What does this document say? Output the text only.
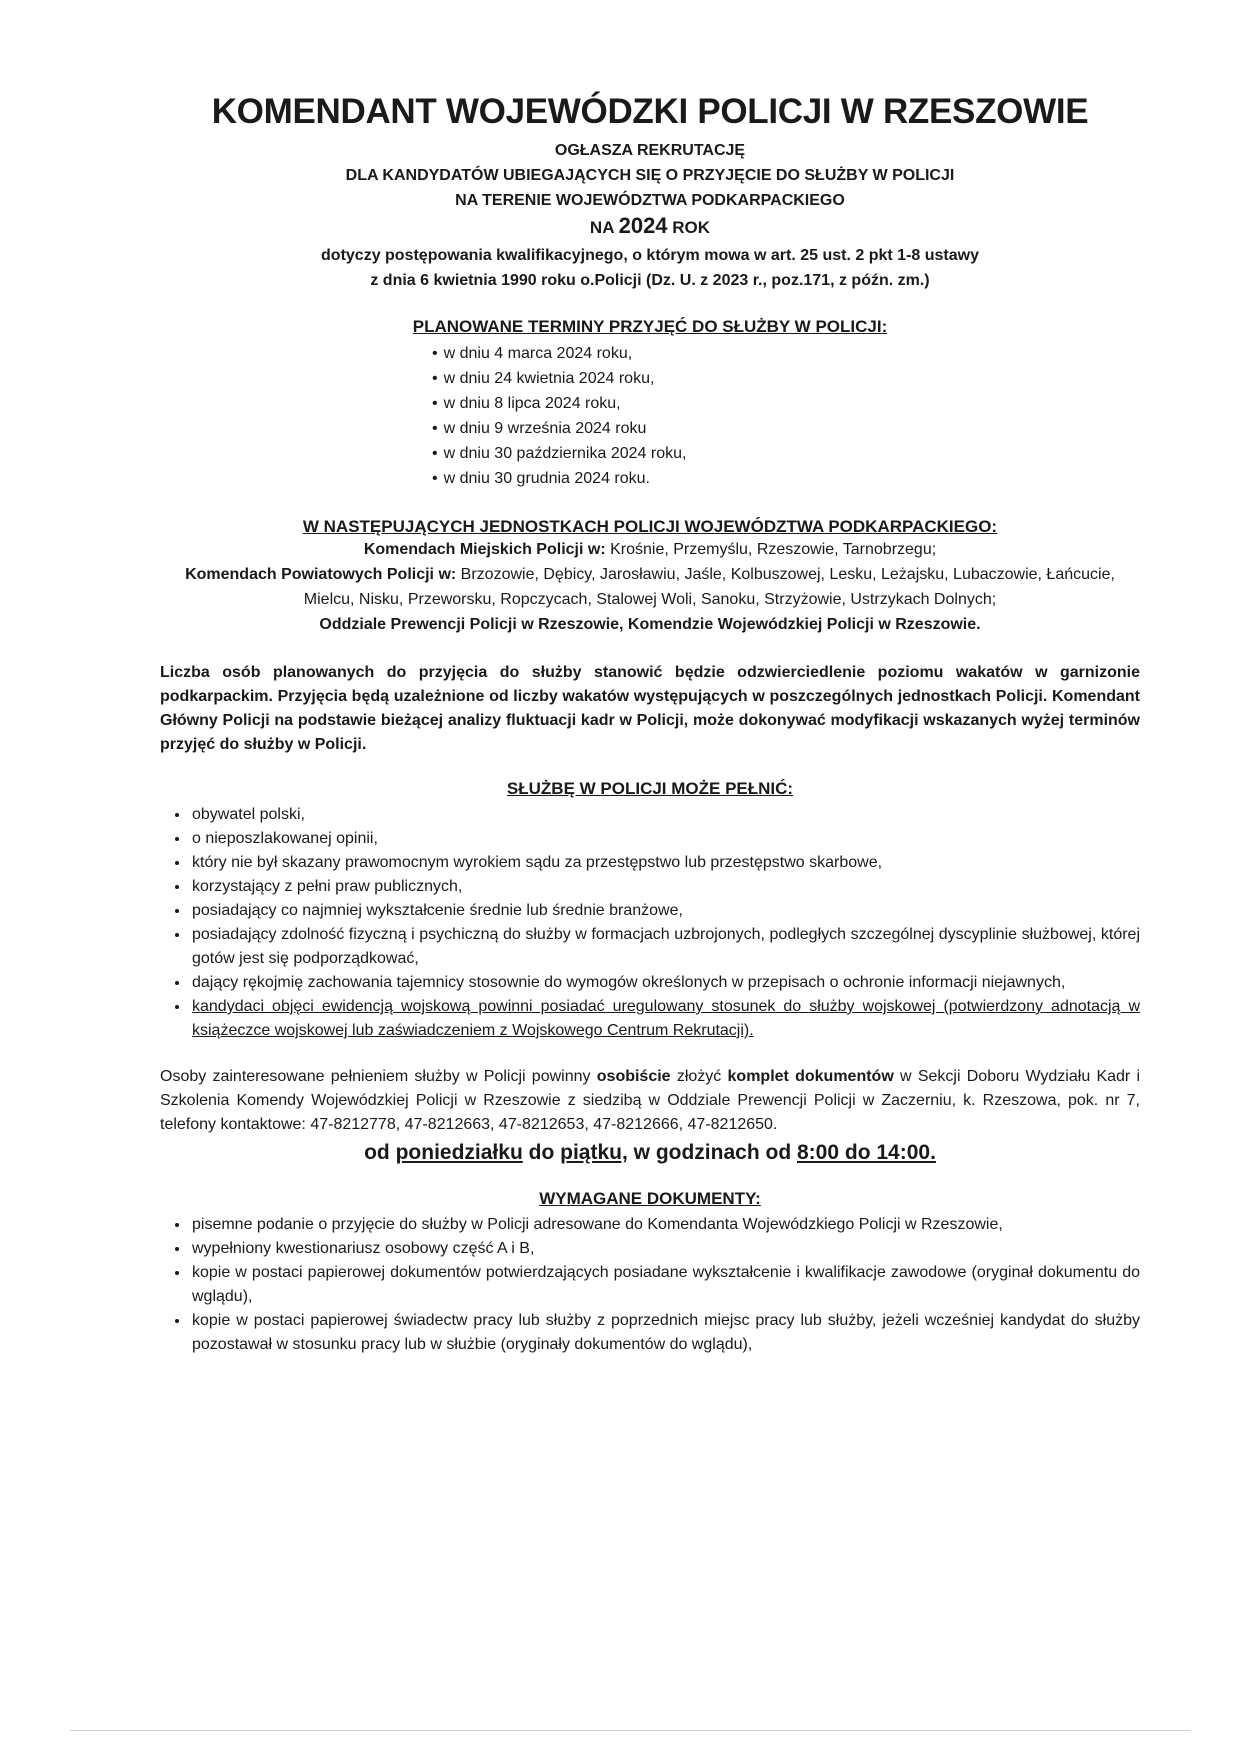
KOMENDANT WOJEWÓDZKI POLICJI W RZESZOWIE
OGŁASZA REKRUTACJĘ
DLA KANDYDATÓW UBIEGAJĄCYCH SIĘ O PRZYJĘCIE DO SŁUŻBY W POLICJI
NA TERENIE WOJEWÓDZTWA PODKARPACKIEGO
NA 2024 ROK
dotyczy postępowania kwalifikacyjnego, o którym mowa w art. 25 ust. 2 pkt 1-8 ustawy
z dnia 6 kwietnia 1990 roku o.Policji (Dz. U. z 2023 r., poz.171, z późn. zm.)
PLANOWANE TERMINY PRZYJĘĆ DO SŁUŻBY W POLICJI:
• w dniu 4 marca 2024 roku,
• w dniu 24 kwietnia 2024 roku,
• w dniu 8 lipca 2024 roku,
• w dniu 9 września 2024 roku
• w dniu 30 października 2024 roku,
• w dniu 30 grudnia 2024 roku.
W NASTĘPUJĄCYCH JEDNOSTKACH POLICJI WOJEWÓDZTWA PODKARPACKIEGO:
Komendach Miejskich Policji w: Krośnie, Przemyślu, Rzeszowie, Tarnobrzegu;
Komendach Powiatowych Policji w: Brzozowie, Dębicy, Jarosławiu, Jaśle, Kolbuszowej, Lesku, Leżajsku, Lubaczowie, Łańcucie, Mielcu, Nisku, Przeworsku, Ropczycach, Stalowej Woli, Sanoku, Strzyżowie, Ustrzykach Dolnych;
Oddziale Prewencji Policji w Rzeszowie, Komendzie Wojewódzkiej Policji w Rzeszowie.
Liczba osób planowanych do przyjęcia do służby stanowić będzie odzwierciedlenie poziomu wakatów w garnizonie podkarpackim. Przyjęcia będą uzależnione od liczby wakatów występujących w poszczególnych jednostkach Policji. Komendant Główny Policji na podstawie bieżącej analizy fluktuacji kadr w Policji, może dokonywać modyfikacji wskazanych wyżej terminów przyjęć do służby w Policji.
SŁUŻBĘ W POLICJI MOŻE PEŁNIĆ:
• obywatel polski,
• o nieposzlakowanej opinii,
• który nie był skazany prawomocnym wyrokiem sądu za przestępstwo lub przestępstwo skarbowe,
• korzystający z pełni praw publicznych,
• posiadający co najmniej wykształcenie średnie lub średnie branżowe,
• posiadający zdolność fizyczną i psychiczną do służby w formacjach uzbrojonych, podległych szczególnej dyscyplinie służbowej, której gotów jest się podporządkować,
• dający rękojmię zachowania tajemnicy stosownie do wymogów określonych w przepisach o ochronie informacji niejawnych,
• kandydaci objęci ewidencją wojskową powinni posiadać uregulowany stosunek do służby wojskowej (potwierdzony adnotacją w książeczce wojskowej lub zaświadczeniem z Wojskowego Centrum Rekrutacji).
Osoby zainteresowane pełnieniem służby w Policji powinny osobiście złożyć komplet dokumentów w Sekcji Doboru Wydziału Kadr i Szkolenia Komendy Wojewódzkiej Policji w Rzeszowie z siedzibą w Oddziale Prewencji Policji w Zaczerniu, k. Rzeszowa, pok. nr 7, telefony kontaktowe: 47-8212778, 47-8212663, 47-8212653, 47-8212666, 47-8212650.
od poniedziałku do piątku, w godzinach od 8:00 do 14:00.
WYMAGANE DOKUMENTY:
• pisemne podanie o przyjęcie do służby w Policji adresowane do Komendanta Wojewódzkiego Policji w Rzeszowie,
• wypełniony kwestionariusz osobowy część A i B,
• kopie w postaci papierowej dokumentów potwierdzających posiadane wykształcenie i kwalifikacje zawodowe (oryginał dokumentu do wglądu),
• kopie w postaci papierowej świadectw pracy lub służby z poprzednich miejsc pracy lub służby, jeżeli wcześniej kandydat do służby pozostawał w stosunku pracy lub w służbie (oryginały dokumentów do wglądu),
